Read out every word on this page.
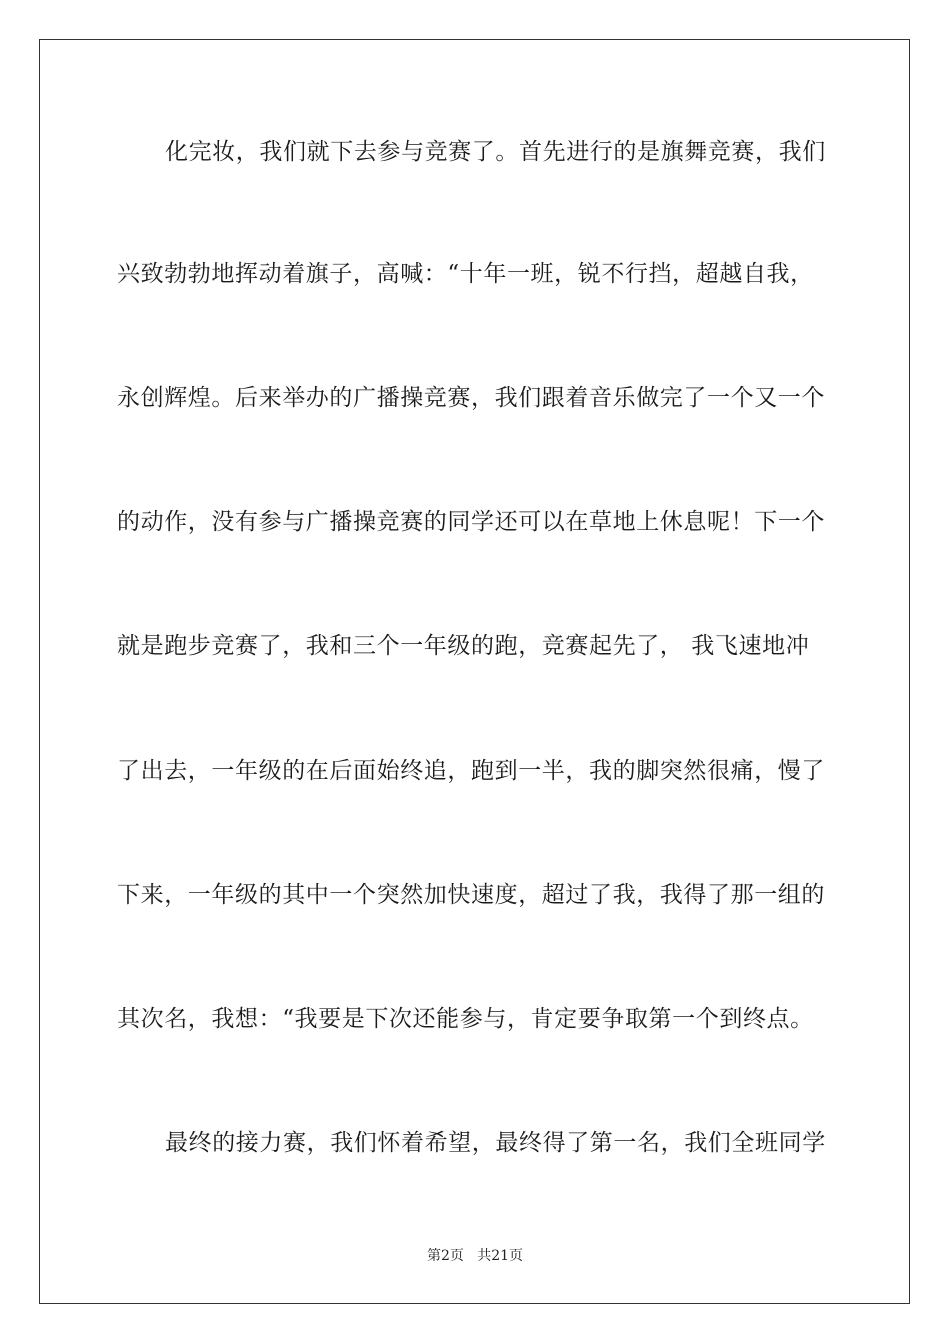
化完妆，我们就下去参与竞赛了。首先进行的是旗舞竞赛，我们
兴致勃勃地挥动着旗子，高喊：“十年一班，锐不行挡，超越自我，
永创辉煌。后来举办的广播操竞赛，我们跟着音乐做完了一个又一个
的动作，没有参与广播操竞赛的同学还可以在草地上休息呢！下一个
就是跑步竞赛了，我和三个一年级的跑，竞赛起先了， 我飞速地冲
了出去，一年级的在后面始终追，跑到一半，我的脚突然很痛，慢了
下来，一年级的其中一个突然加快速度，超过了我，我得了那一组的
其次名，我想：“我要是下次还能参与，肯定要争取第一个到终点。
最终的接力赛，我们怀着希望，最终得了第一名，我们全班同学
第2页   共21页
